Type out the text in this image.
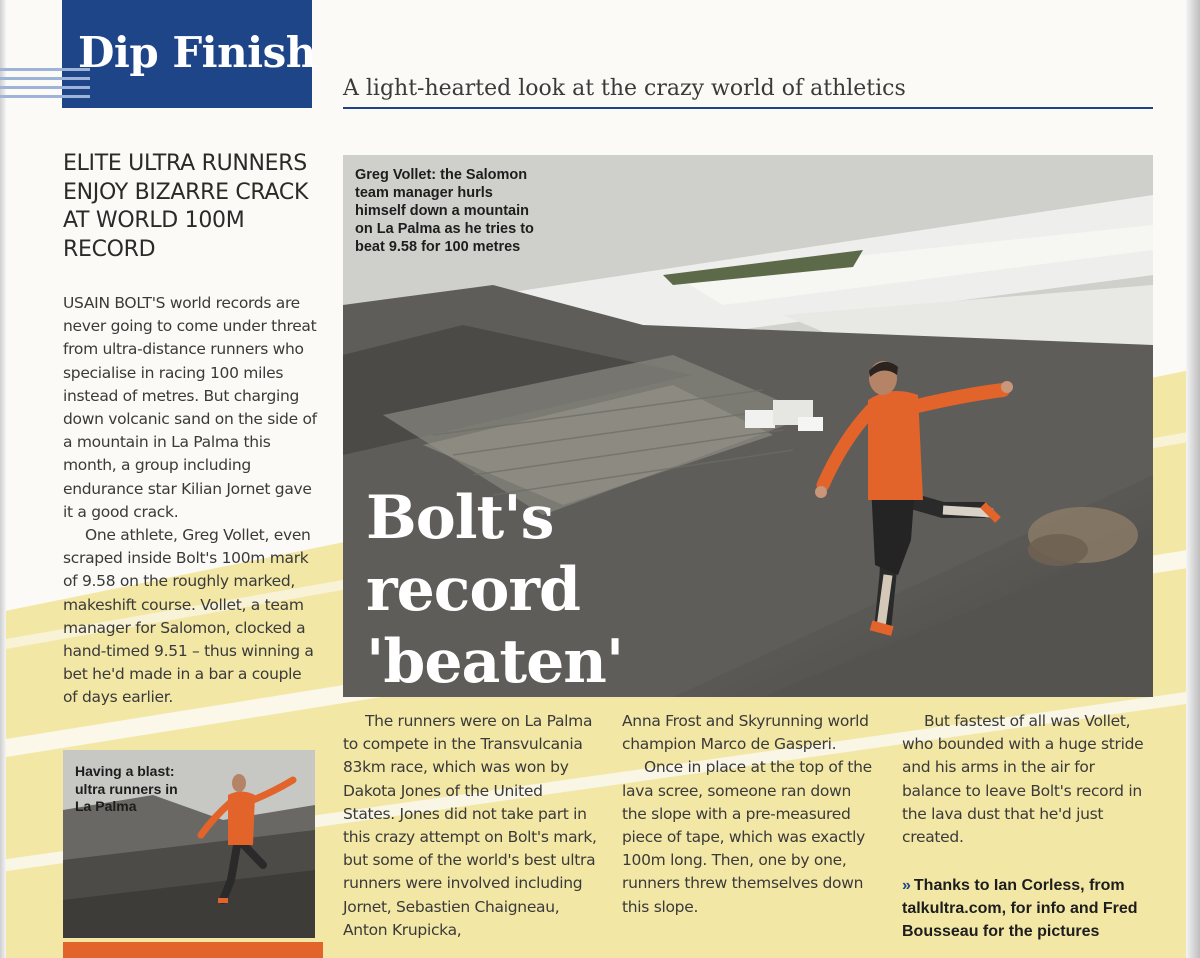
Dip Finish
A light-hearted look at the crazy world of athletics
ELITE ULTRA RUNNERS ENJOY BIZARRE CRACK AT WORLD 100M RECORD

USAIN BOLT'S world records are never going to come under threat from ultra-distance runners who specialise in racing 100 miles instead of metres. But charging down volcanic sand on the side of a mountain in La Palma this month, a group including endurance star Kilian Jornet gave it a good crack.

One athlete, Greg Vollet, even scraped inside Bolt's 100m mark of 9.58 on the roughly marked, makeshift course. Vollet, a team manager for Salomon, clocked a hand-timed 9.51 – thus winning a bet he'd made in a bar a couple of days earlier.

Greg Vollet: the Salomon team manager hurls himself down a mountain on La Palma as he tries to beat 9.58 for 100 metres
Bolt's
record
'beaten'
Having a blast: ultra runners in La Palma

The runners were on La Palma to compete in the Transvulcania 83km race, which was won by Dakota Jones of the United States. Jones did not take part in this crazy attempt on Bolt's mark, but some of the world's best ultra runners were involved including Jornet, Sebastien Chaigneau, Anton Krupicka,

Anna Frost and Skyrunning world champion Marco de Gasperi.

Once in place at the top of the lava scree, someone ran down the slope with a pre-measured piece of tape, which was exactly 100m long. Then, one by one, runners threw themselves down this slope.

But fastest of all was Vollet, who bounded with a huge stride and his arms in the air for balance to leave Bolt's record in the lava dust that he'd just created.

» Thanks to Ian Corless, from talkultra.com, for info and Fred Bousseau for the pictures
